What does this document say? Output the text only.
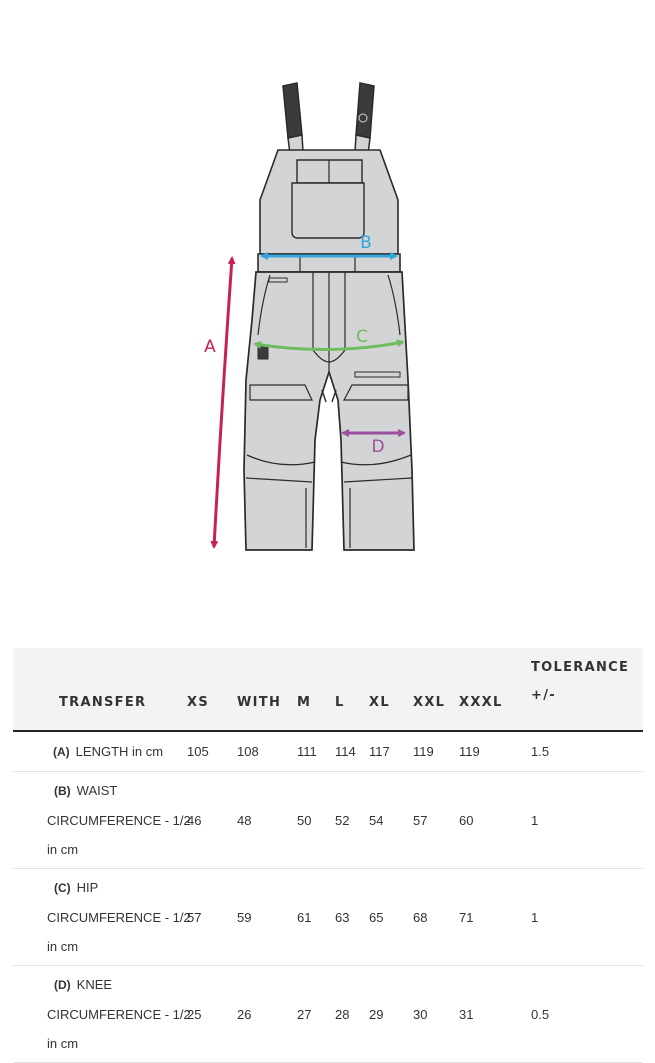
A
B
C
D
TRANSFER	XS	WITH	M	L	XL	XXL	XXXL	TOLERANCE
+/-

(A) LENGTH in cm	105	108	111	114	117	119	119	1.5

(B) WAIST
CIRCUMFERENCE - 1/2
in cm	46	48	50	52	54	57	60	1

(C) HIP
CIRCUMFERENCE - 1/2
in cm	57	59	61	63	65	68	71	1

(D) KNEE
CIRCUMFERENCE - 1/2
in cm	25	26	27	28	29	30	31	0.5
